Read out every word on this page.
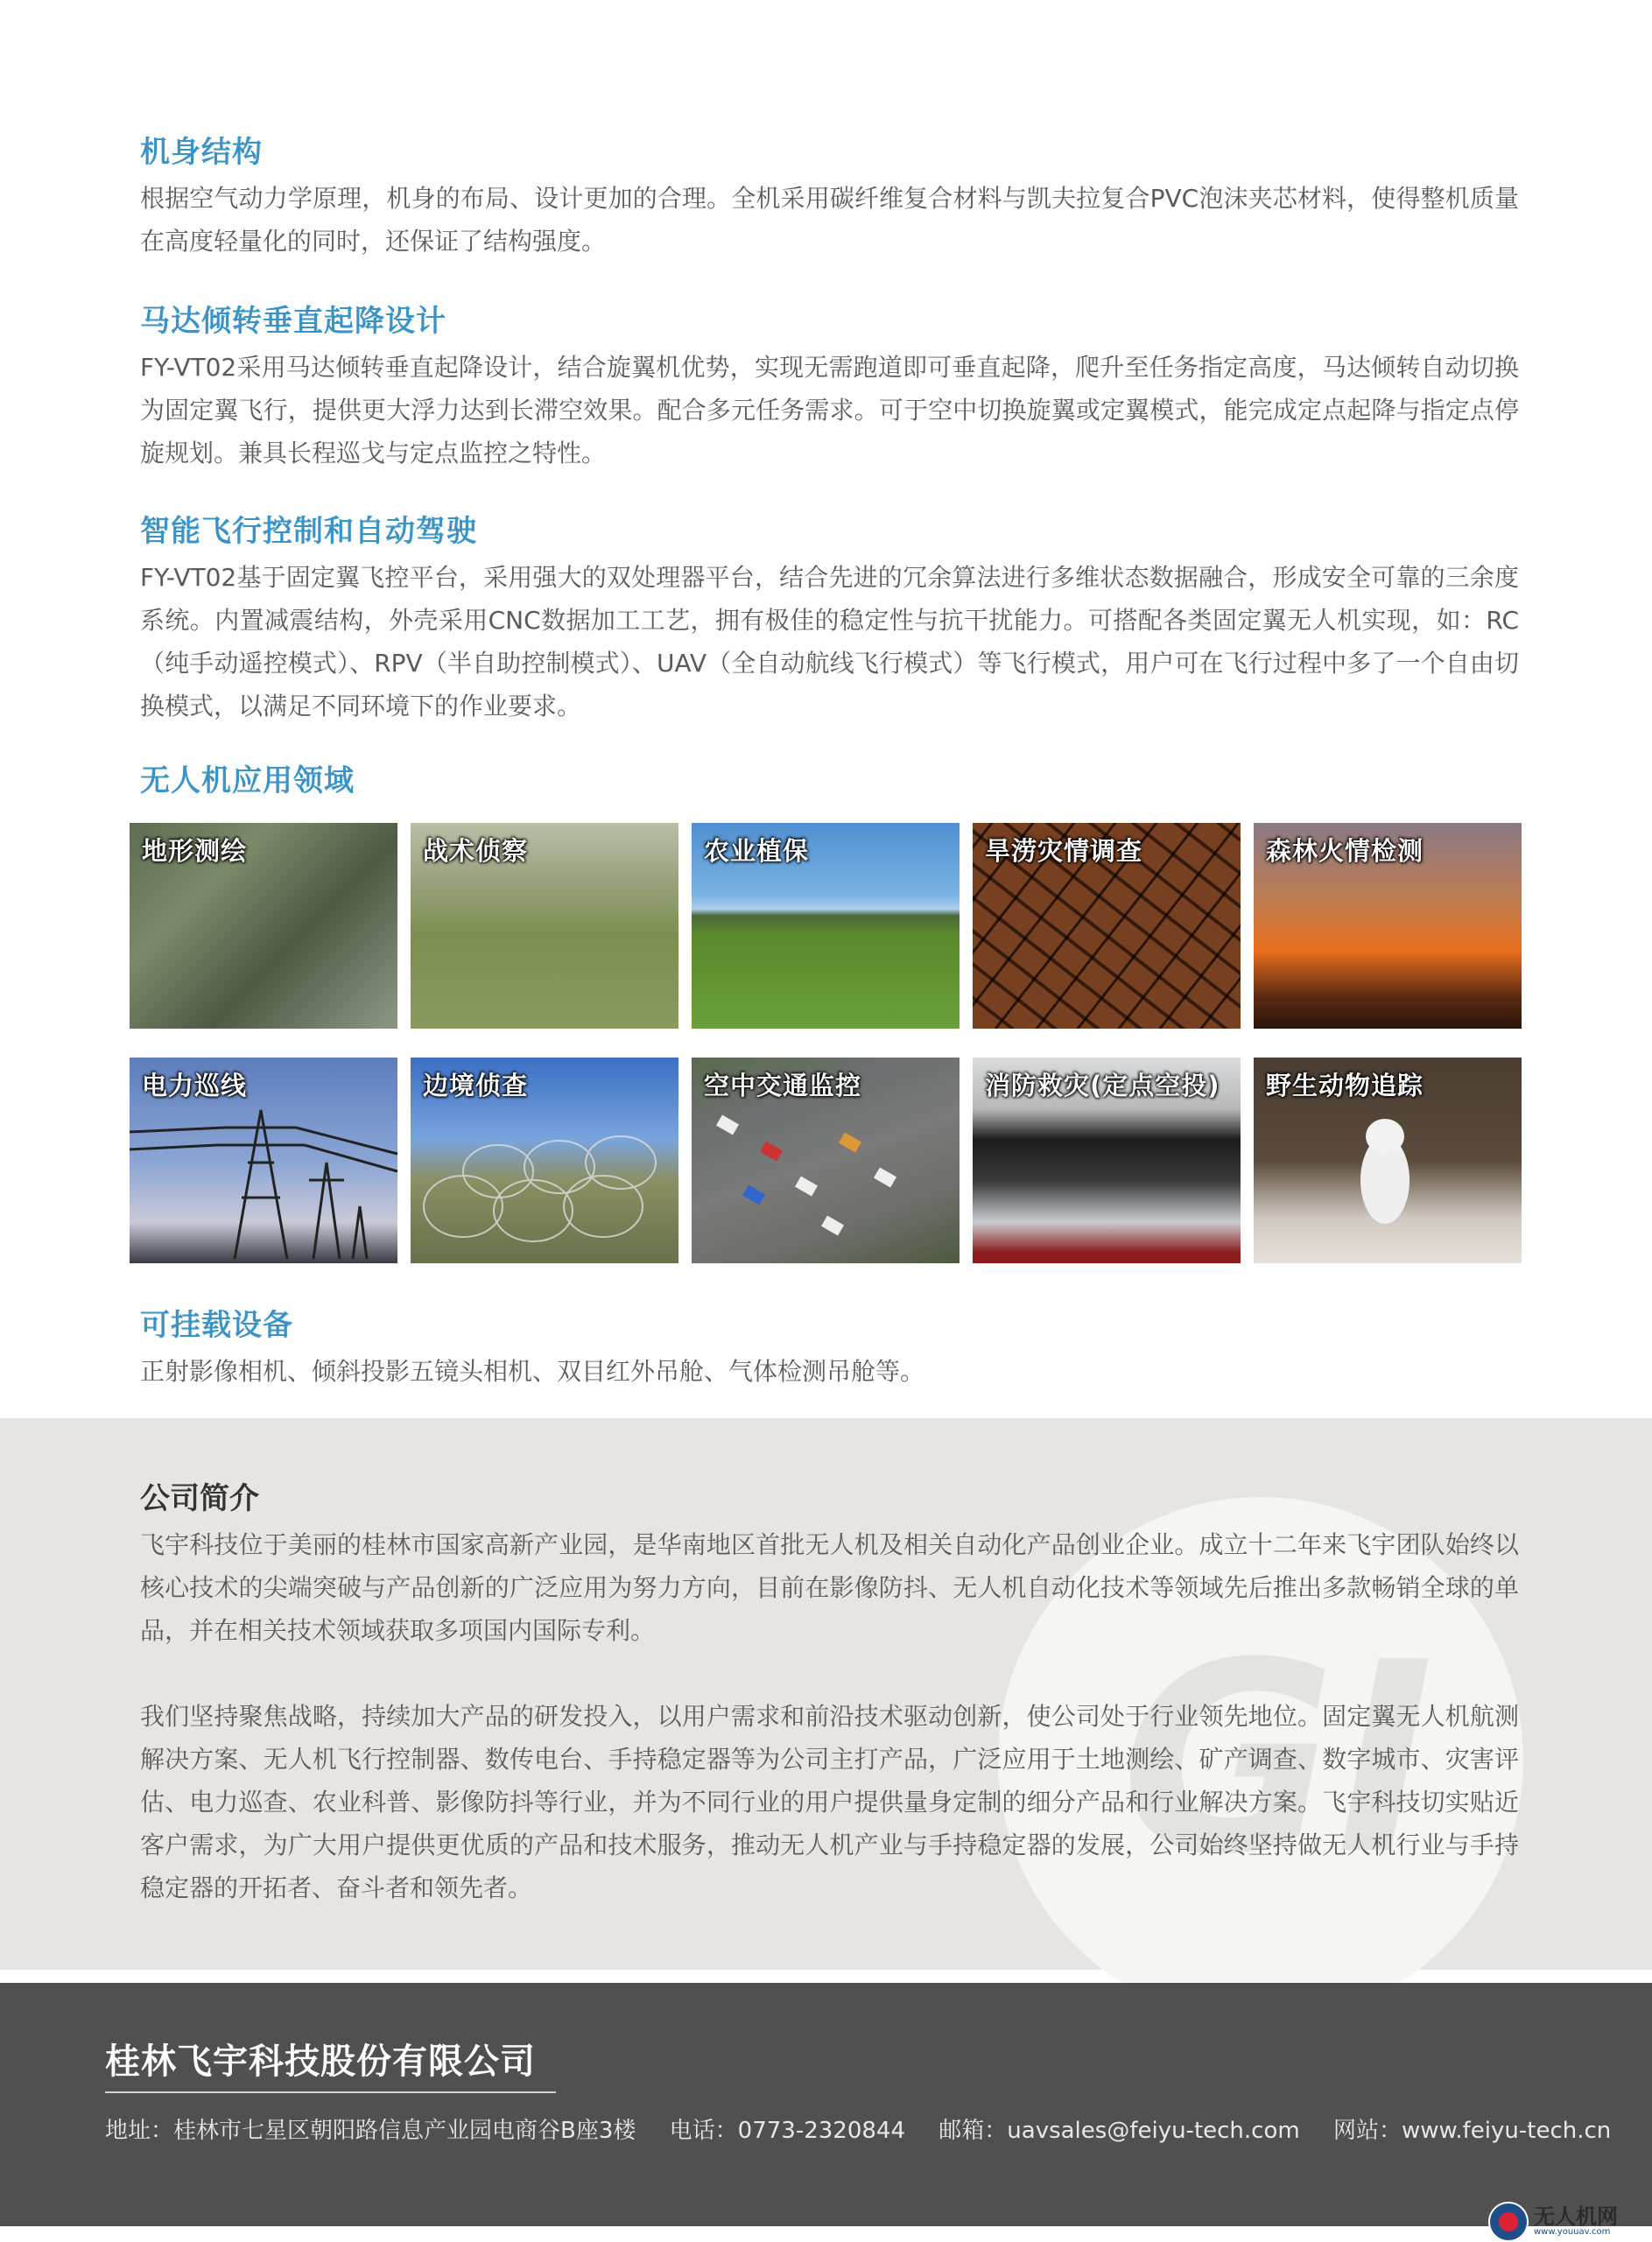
机身结构
根据空气动力学原理，机身的布局、设计更加的合理。全机采用碳纤维复合材料与凯夫拉复合PVC泡沫夹芯材料，使得整机质量在高度轻量化的同时，还保证了结构强度。
马达倾转垂直起降设计
FY-VT02采用马达倾转垂直起降设计，结合旋翼机优势，实现无需跑道即可垂直起降，爬升至任务指定高度，马达倾转自动切换为固定翼飞行，提供更大浮力达到长滞空效果。配合多元任务需求。可于空中切换旋翼或定翼模式，能完成定点起降与指定点停旋规划。兼具长程巡戈与定点监控之特性。
智能飞行控制和自动驾驶
FY-VT02基于固定翼飞控平台，采用强大的双处理器平台，结合先进的冗余算法进行多维状态数据融合，形成安全可靠的三余度系统。内置减震结构，外壳采用CNC数据加工工艺，拥有极佳的稳定性与抗干扰能力。可搭配各类固定翼无人机实现，如：RC（纯手动遥控模式）、RPV（半自助控制模式）、UAV（全自动航线飞行模式）等飞行模式，用户可在飞行过程中多了一个自由切换模式，以满足不同环境下的作业要求。
无人机应用领域
地形测绘	战术侦察	农业植保	旱涝灾情调查	森林火情检测
电力巡线	边境侦查	空中交通监控	消防救灾(定点空投) 野生动物追踪
可挂载设备
正射影像相机、倾斜投影五镜头相机、双目红外吊舱、气体检测吊舱等。
GI
公司简介
飞宇科技位于美丽的桂林市国家高新产业园，是华南地区首批无人机及相关自动化产品创业企业。成立十二年来飞宇团队始终以核心技术的尖端突破与产品创新的广泛应用为努力方向，目前在影像防抖、无人机自动化技术等领域先后推出多款畅销全球的单品，并在相关技术领域获取多项国内国际专利。
我们坚持聚焦战略，持续加大产品的研发投入，以用户需求和前沿技术驱动创新，使公司处于行业领先地位。固定翼无人机航测解决方案、无人机飞行控制器、数传电台、手持稳定器等为公司主打产品，广泛应用于土地测绘、矿产调查、数字城市、灾害评估、电力巡查、农业科普、影像防抖等行业，并为不同行业的用户提供量身定制的细分产品和行业解决方案。飞宇科技切实贴近客户需求，为广大用户提供更优质的产品和技术服务，推动无人机产业与手持稳定器的发展，公司始终坚持做无人机行业与手持稳定器的开拓者、奋斗者和领先者。
桂林飞宇科技股份有限公司
地址：桂林市七星区朝阳路信息产业园电商谷B座3楼 电话：0773-2320844 邮箱：uavsales@feiyu-tech.com 网站：www.feiyu-tech.cn
无人机网
www.youuav.com
